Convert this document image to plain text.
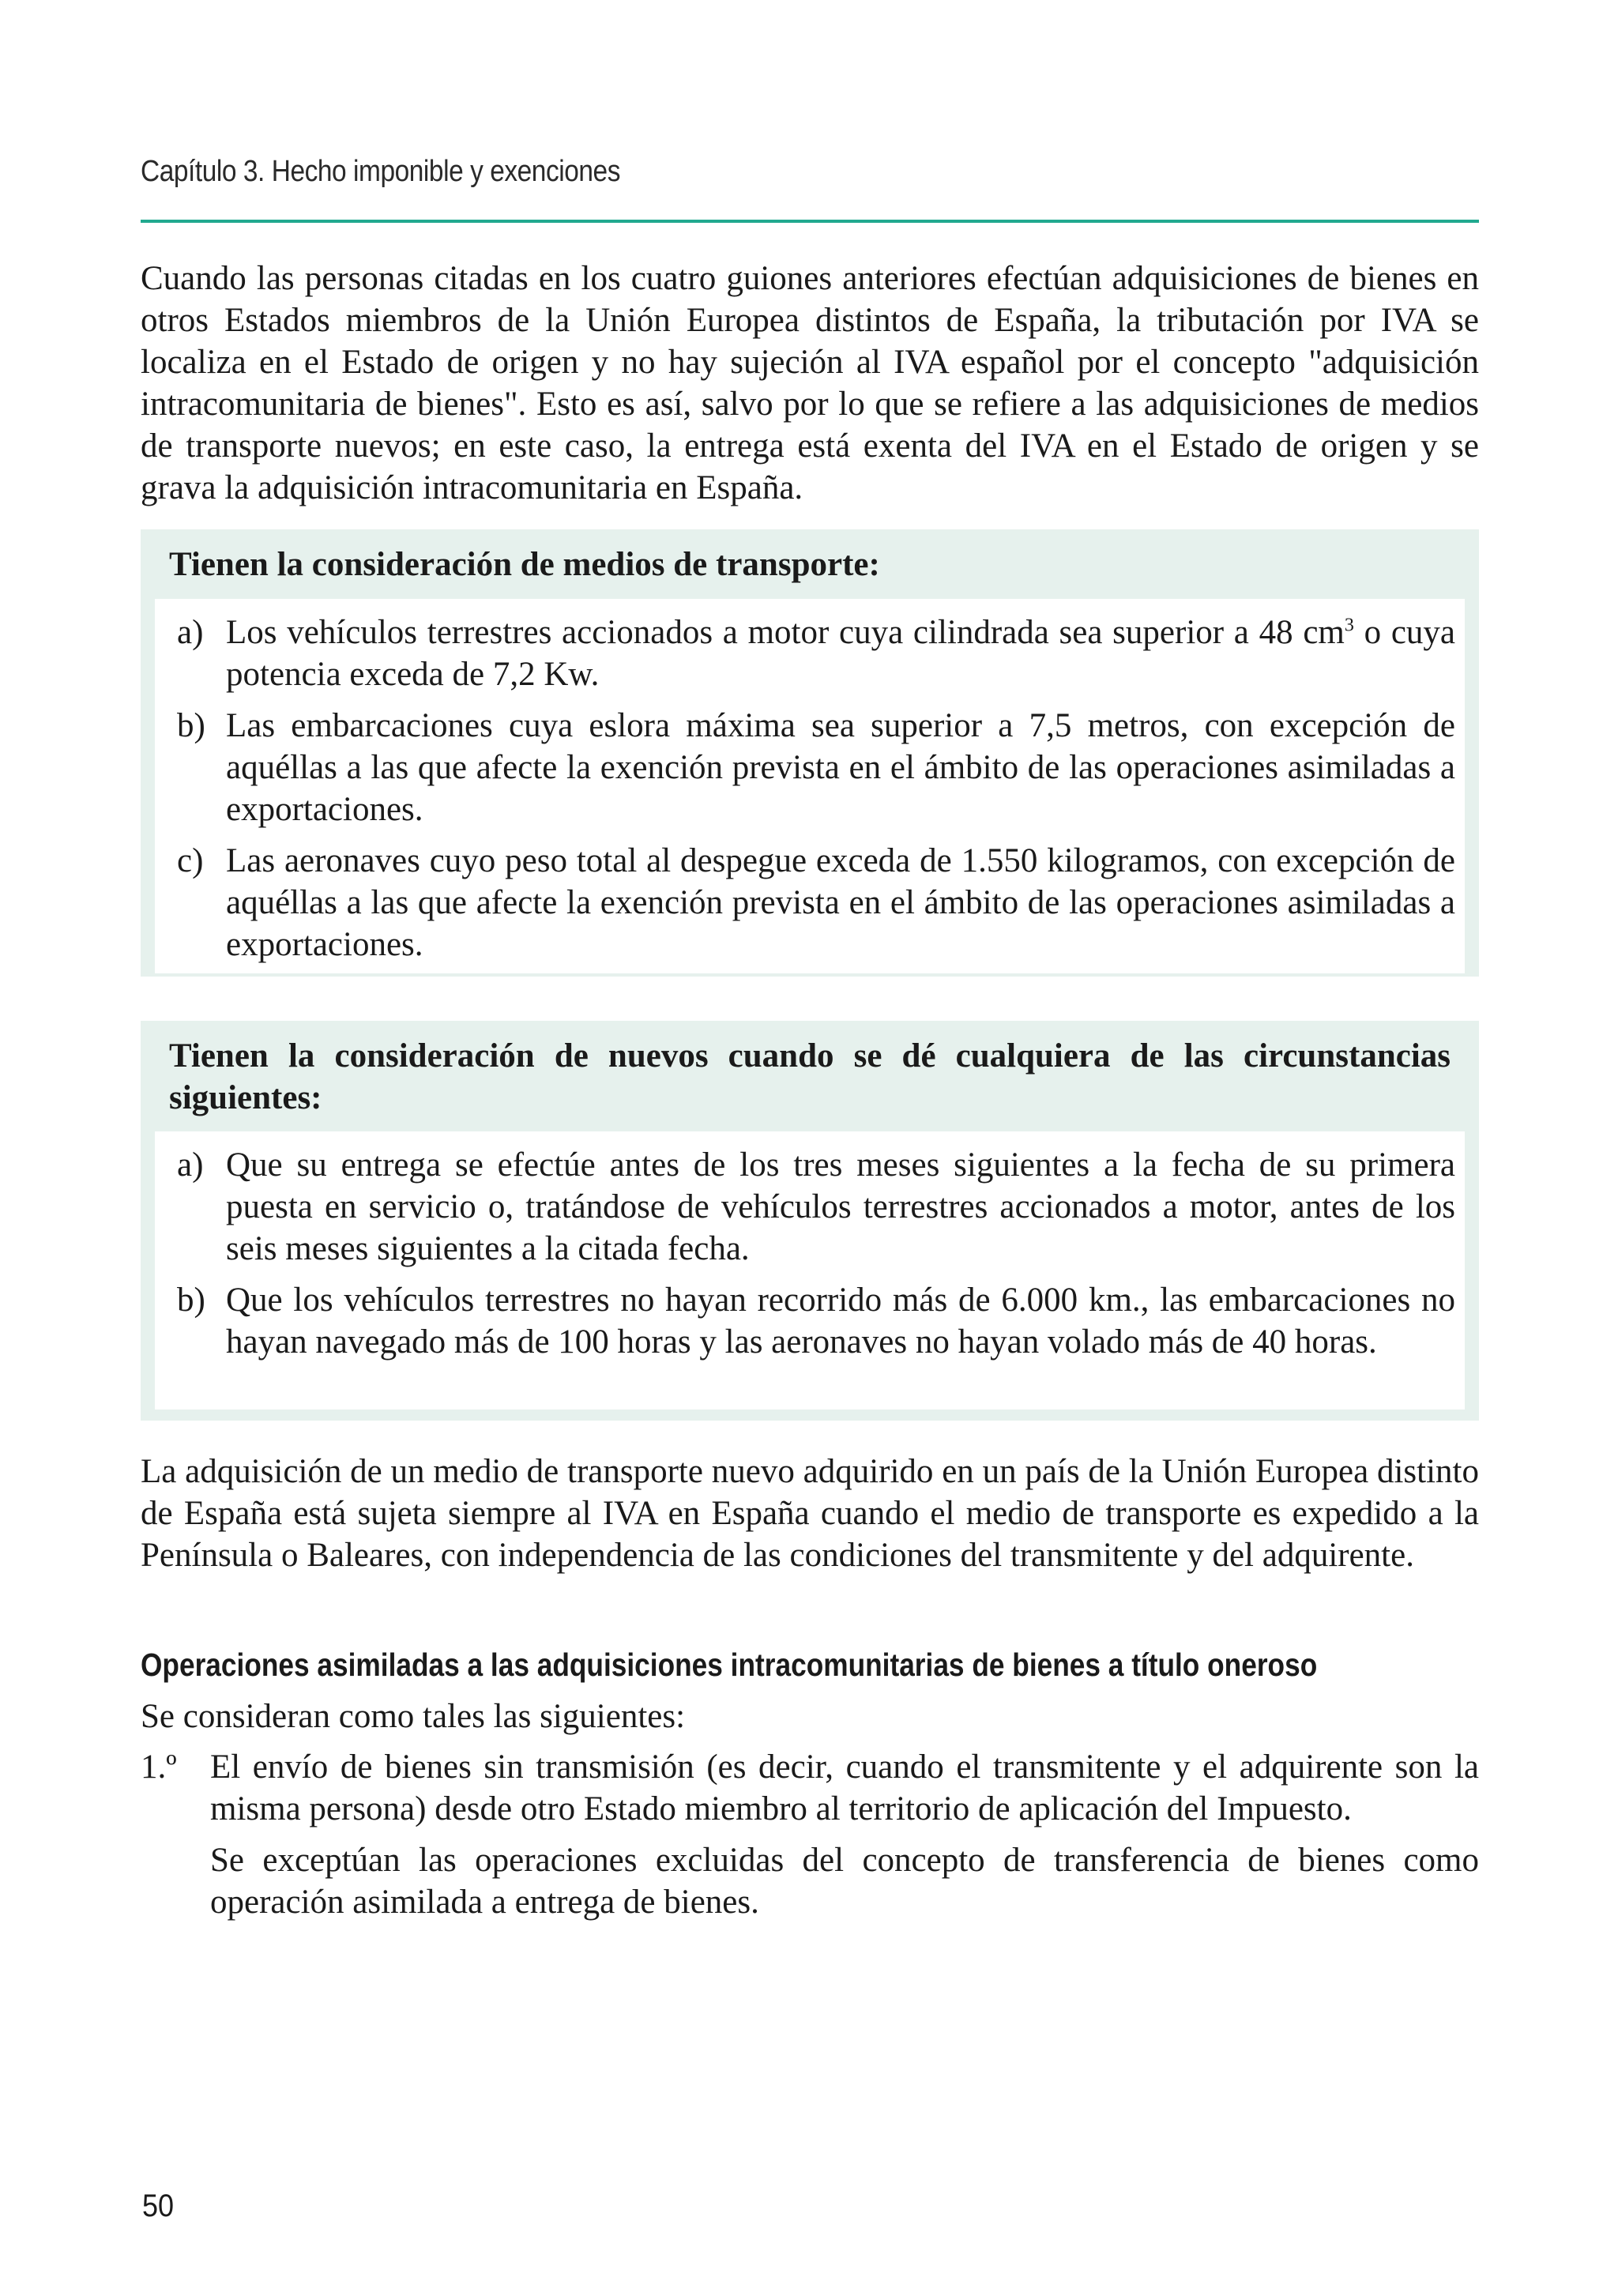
Capítulo 3. Hecho imponible y exenciones

Cuando las personas citadas en los cuatro guiones anteriores efectúan adquisiciones de bienes en otros Estados miembros de la Unión Europea distintos de España, la tributación por IVA se localiza en el Estado de origen y no hay sujeción al IVA español por el concepto "adquisición intracomunitaria de bienes". Esto es así, salvo por lo que se refiere a las adquisiciones de medios de transporte nuevos; en este caso, la entrega está exenta del IVA en el Estado de origen y se grava la adquisición intracomunitaria en España.

Tienen la consideración de medios de transporte:

a) Los vehículos terrestres accionados a motor cuya cilindrada sea superior a 48 $cm^3$ o cuya potencia exceda de 7,2 Kw.
b) Las embarcaciones cuya eslora máxima sea superior a 7,5 metros, con excepción de aquéllas a las que afecte la exención prevista en el ámbito de las operaciones asimiladas a exportaciones.
c) Las aeronaves cuyo peso total al despegue exceda de 1.550 kilogramos, con excepción de aquéllas a las que afecte la exención prevista en el ámbito de las operaciones asimiladas a exportaciones.

Tienen la consideración de nuevos cuando se dé cualquiera de las circunstancias siguientes:

a) Que su entrega se efectúe antes de los tres meses siguientes a la fecha de su primera puesta en servicio o, tratándose de vehículos terrestres accionados a motor, antes de los seis meses siguientes a la citada fecha.
b) Que los vehículos terrestres no hayan recorrido más de 6.000 km., las embarcaciones no hayan navegado más de 100 horas y las aeronaves no hayan volado más de 40 horas.

La adquisición de un medio de transporte nuevo adquirido en un país de la Unión Europea distinto de España está sujeta siempre al IVA en España cuando el medio de transporte es expedido a la Península o Baleares, con independencia de las condiciones del transmitente y del adquirente.

Operaciones asimiladas a las adquisiciones intracomunitarias de bienes a título oneroso

Se consideran como tales las siguientes:

1.º El envío de bienes sin transmisión (es decir, cuando el transmitente y el adquirente son la misma persona) desde otro Estado miembro al territorio de aplicación del Impuesto.

Se exceptúan las operaciones excluidas del concepto de transferencia de bienes como operación asimilada a entrega de bienes.

50
